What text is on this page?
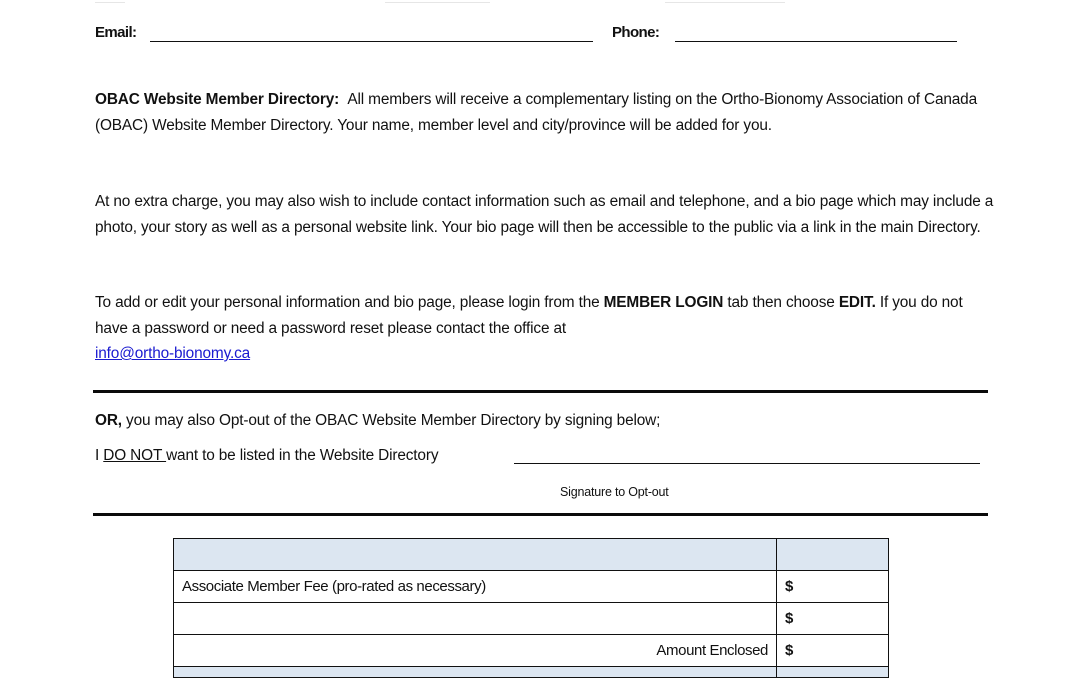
Email:	Phone:
OBAC Website Member Directory: All members will receive a complementary listing on the Ortho-Bionomy Association of Canada (OBAC) Website Member Directory. Your name, member level and city/province will be added for you.
At no extra charge, you may also wish to include contact information such as email and telephone, and a bio page which may include a photo, your story as well as a personal website link. Your bio page will then be accessible to the public via a link in the main Directory.
To add or edit your personal information and bio page, please login from the MEMBER LOGIN tab then choose EDIT. If you do not have a password or need a password reset please contact the office at
info@ortho-bionomy.ca
OR, you may also Opt-out of the OBAC Website Member Directory by signing below;
I DO NOT want to be listed in the Website Directory
Signature to Opt-out

Associate Member Fee (pro-rated as necessary)	$
	$
Amount Enclosed	$
